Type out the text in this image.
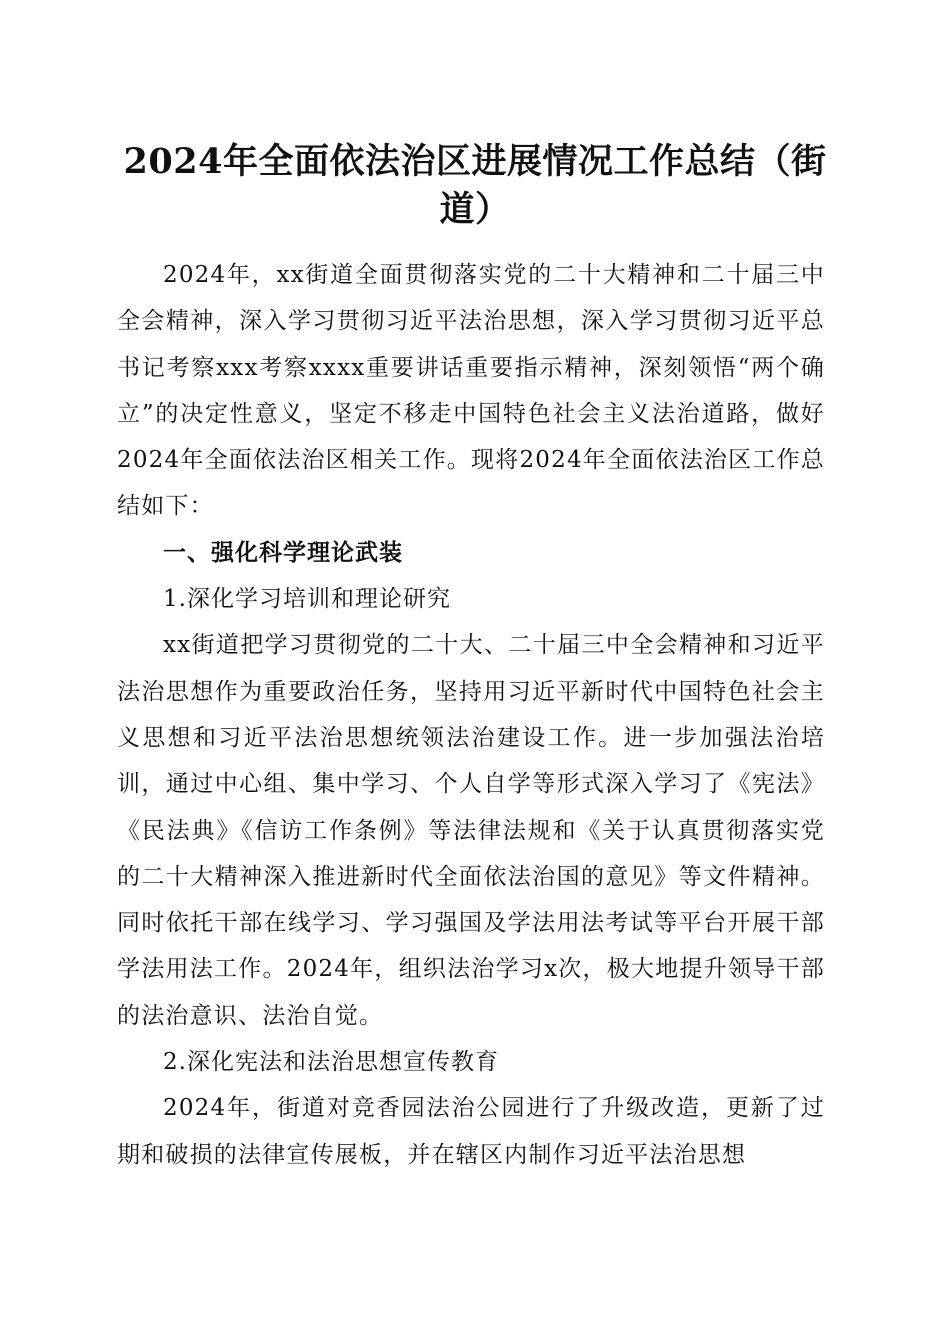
2024年全面依法治区进展情况工作总结（街道）

2024年，xx街道全面贯彻落实党的二十大精神和二十届三中全会精神，深入学习贯彻习近平法治思想，深入学习贯彻习近平总书记考察xxx考察xxxx重要讲话重要指示精神，深刻领悟“两个确立”的决定性意义，坚定不移走中国特色社会主义法治道路，做好2024年全面依法治区相关工作。现将2024年全面依法治区工作总结如下：

一、强化科学理论武装

1.深化学习培训和理论研究

xx街道把学习贯彻党的二十大、二十届三中全会精神和习近平法治思想作为重要政治任务，坚持用习近平新时代中国特色社会主义思想和习近平法治思想统领法治建设工作。进一步加强法治培训，通过中心组、集中学习、个人自学等形式深入学习了《宪法》《民法典》《信访工作条例》等法律法规和《关于认真贯彻落实党的二十大精神深入推进新时代全面依法治国的意见》等文件精神。同时依托干部在线学习、学习强国及学法用法考试等平台开展干部学法用法工作。2024年，组织法治学习x次，极大地提升领导干部的法治意识、法治自觉。

2.深化宪法和法治思想宣传教育

2024年，街道对竞香园法治公园进行了升级改造，更新了过期和破损的法律宣传展板，并在辖区内制作习近平法治思想
